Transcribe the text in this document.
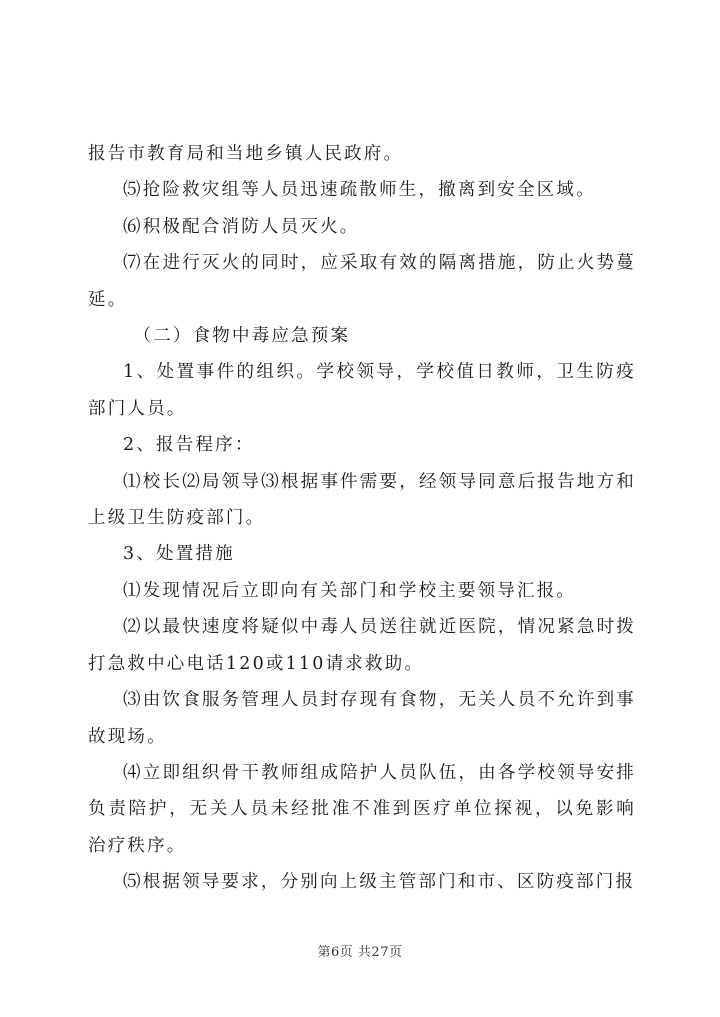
报告市教育局和当地乡镇人民政府。

⑸抢险救灾组等人员迅速疏散师生，撤离到安全区域。

⑹积极配合消防人员灭火。

⑺在进行灭火的同时，应采取有效的隔离措施，防止火势蔓延。

（二）食物中毒应急预案

1、处置事件的组织。学校领导，学校值日教师，卫生防疫部门人员。

2、报告程序：

⑴校长⑵局领导⑶根据事件需要，经领导同意后报告地方和上级卫生防疫部门。

3、处置措施

⑴发现情况后立即向有关部门和学校主要领导汇报。

⑵以最快速度将疑似中毒人员送往就近医院，情况紧急时拨打急救中心电话120或110请求救助。

⑶由饮食服务管理人员封存现有食物，无关人员不允许到事故现场。

⑷立即组织骨干教师组成陪护人员队伍，由各学校领导安排负责陪护，无关人员未经批准不准到医疗单位探视，以免影响治疗秩序。

⑸根据领导要求，分别向上级主管部门和市、区防疫部门报

第6页 共27页
